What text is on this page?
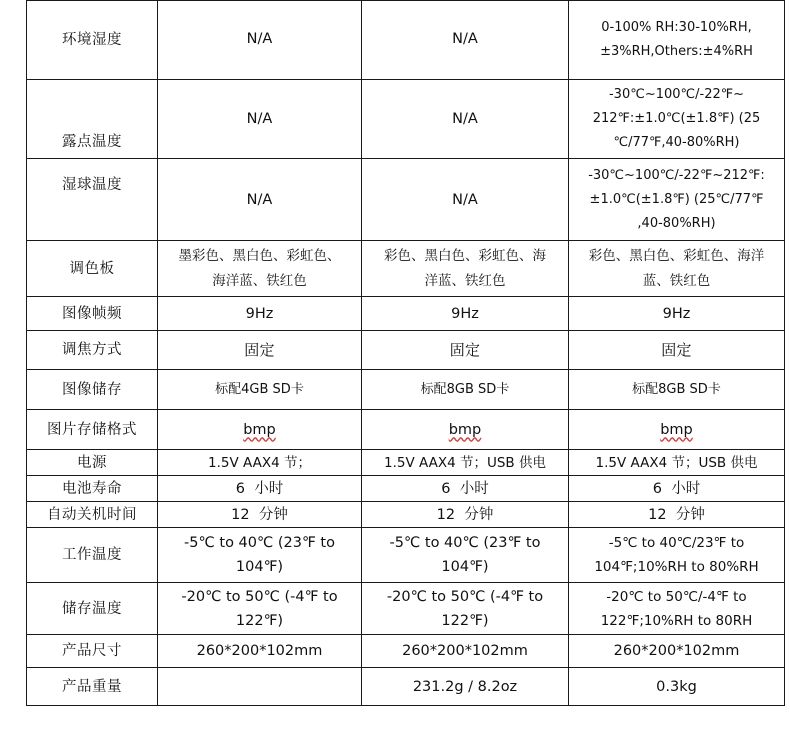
环境湿度	N/A	N/A	0-100% RH:30-10%RH,
±3%RH,Others:±4%RH
露点温度	N/A	N/A	-30℃~100℃/-22℉~
212℉:±1.0℃(±1.8℉) (25
℃/77℉,40-80%RH)
湿球温度	N/A	N/A	-30℃~100℃/-22℉~212℉:
±1.0℃(±1.8℉) (25℃/77℉
,40-80%RH)
调色板	墨彩色、黑白色、彩虹色、
海洋蓝、铁红色	彩色、黑白色、彩虹色、海
洋蓝、铁红色	彩色、黑白色、彩虹色、海洋
蓝、铁红色
图像帧频	9Hz	9Hz	9Hz
调焦方式	固定	固定	固定
图像储存	标配4GB SD卡	标配8GB SD卡	标配8GB SD卡
图片存储格式	bmp	bmp	bmp
电源	1.5V AAX4 节；	1.5V AAX4 节；USB 供电	1.5V AAX4 节；USB 供电
电池寿命	6  小时	6  小时	6  小时
自动关机时间	12  分钟	12  分钟	12  分钟
工作温度	-5℃ to 40℃ (23℉ to
104℉)	-5℃ to 40℃ (23℉ to
104℉)	-5℃ to 40℃/23℉ to
104℉;10%RH to 80%RH
储存温度	-20℃ to 50℃ (-4℉ to
122℉)	-20℃ to 50℃ (-4℉ to
122℉)	-20℃ to 50℃/-4℉ to
122℉;10%RH to 80RH
产品尺寸	260*200*102mm	260*200*102mm	260*200*102mm
产品重量		231.2g / 8.2oz	0.3kg
